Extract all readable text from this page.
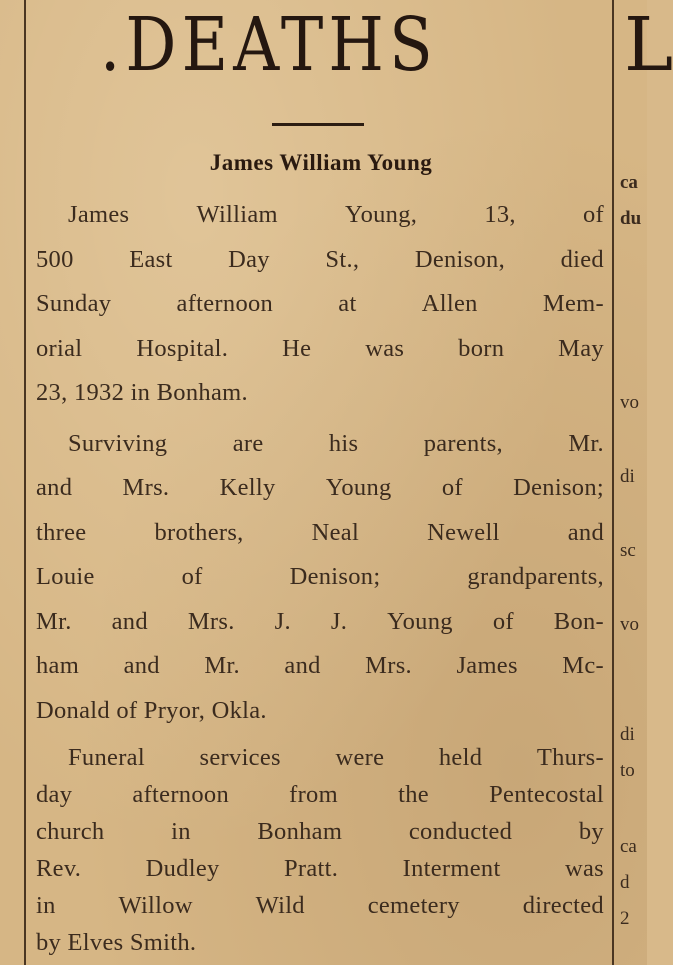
.DEATHS	L
James William Young
James	William	Young,	13,	of
500 East Day St., Denison, died
Sunday	afternoon	at	Allen	Mem-
orial Hospital. He was born May
23, 1932 in Bonham.
Surviving	are	his	parents,	Mr.
and Mrs. Kelly Young of Denison;
three	brothers,	Neal	Newell	and
Louie	of	Denison;	grandparents,
Mr. and Mrs. J. J. Young of Bon-
ham and Mr. and Mrs. James Mc-
Donald of Pryor, Okla.
Funeral services were held Thurs-
day afternoon from the Pentecostal
church	in	Bonham	conducted	by
Rev.	Dudley	Pratt.	Interment	was
in	Willow	Wild	cemetery	directed
by Elves Smith.
ca
du
vo
di
sc
vo
di
to
ca
d
2
